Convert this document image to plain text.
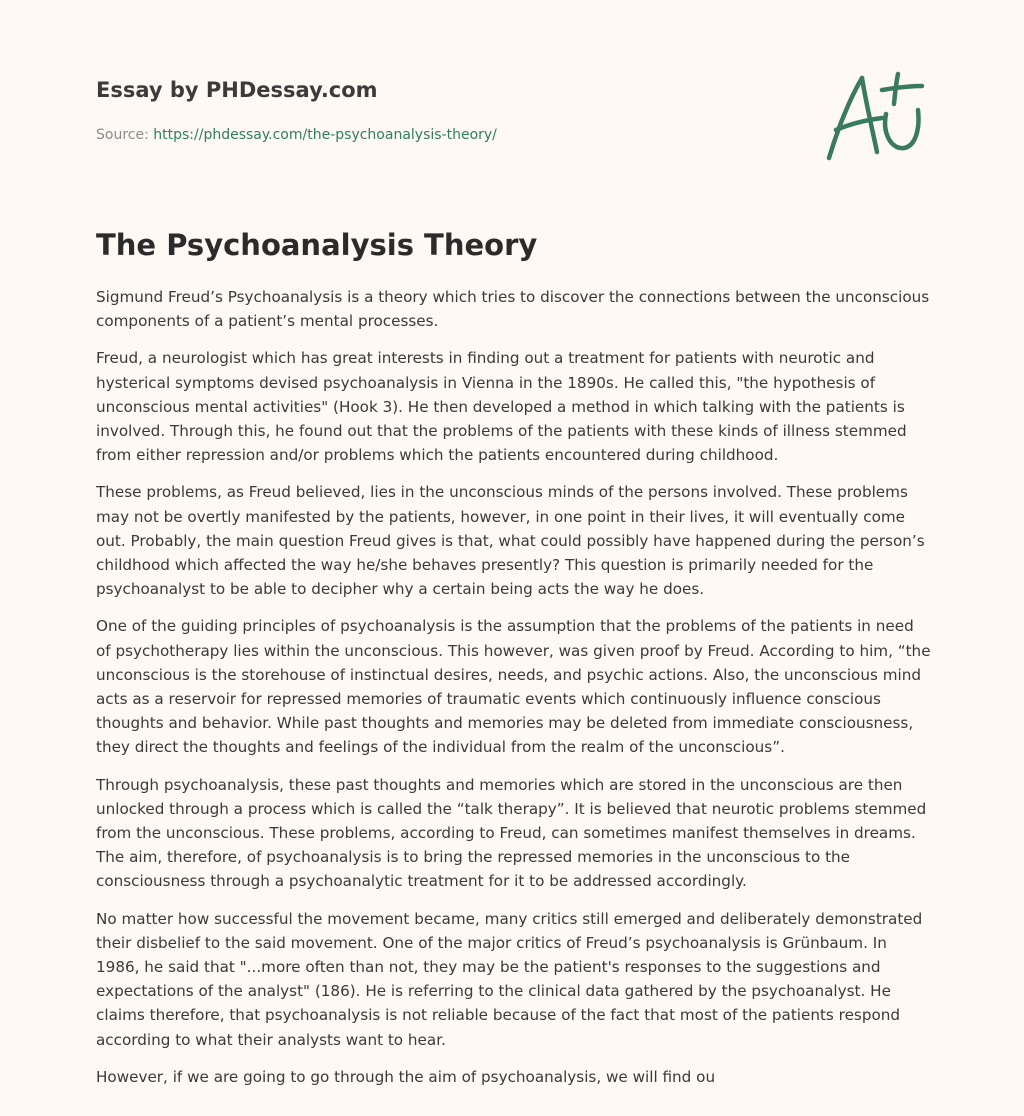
Essay by PHDessay.com
Source: https://phdessay.com/the-psychoanalysis-theory/
The Psychoanalysis Theory

Sigmund Freud’s Psychoanalysis is a theory which tries to discover the connections between the unconscious components of a patient’s mental processes.

Freud, a neurologist which has great interests in finding out a treatment for patients with neurotic and hysterical symptoms devised psychoanalysis in Vienna in the 1890s. He called this, "the hypothesis of unconscious mental activities" (Hook 3). He then developed a method in which talking with the patients is involved. Through this, he found out that the problems of the patients with these kinds of illness stemmed from either repression and/or problems which the patients encountered during childhood.

These problems, as Freud believed, lies in the unconscious minds of the persons involved. These problems may not be overtly manifested by the patients, however, in one point in their lives, it will eventually come out. Probably, the main question Freud gives is that, what could possibly have happened during the person’s childhood which affected the way he/she behaves presently? This question is primarily needed for the psychoanalyst to be able to decipher why a certain being acts the way he does.

One of the guiding principles of psychoanalysis is the assumption that the problems of the patients in need of psychotherapy lies within the unconscious. This however, was given proof by Freud. According to him, “the unconscious is the storehouse of instinctual desires, needs, and psychic actions. Also, the unconscious mind acts as a reservoir for repressed memories of traumatic events which continuously influence conscious thoughts and behavior. While past thoughts and memories may be deleted from immediate consciousness, they direct the thoughts and feelings of the individual from the realm of the unconscious”.

Through psychoanalysis, these past thoughts and memories which are stored in the unconscious are then unlocked through a process which is called the “talk therapy”. It is believed that neurotic problems stemmed from the unconscious. These problems, according to Freud, can sometimes manifest themselves in dreams. The aim, therefore, of psychoanalysis is to bring the repressed memories in the unconscious to the consciousness through a psychoanalytic treatment for it to be addressed accordingly.

No matter how successful the movement became, many critics still emerged and deliberately demonstrated their disbelief to the said movement. One of the major critics of Freud’s psychoanalysis is Grünbaum. In 1986, he said that "...more often than not, they may be the patient's responses to the suggestions and expectations of the analyst" (186). He is referring to the clinical data gathered by the psychoanalyst. He claims therefore, that psychoanalysis is not reliable because of the fact that most of the patients respond according to what their analysts want to hear.

However, if we are going to go through the aim of psychoanalysis, we will find ou
